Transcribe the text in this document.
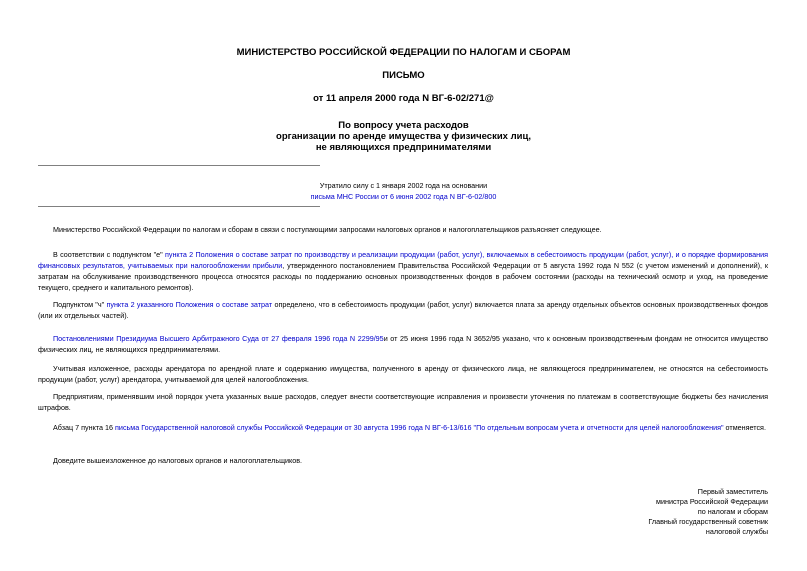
МИНИСТЕРСТВО РОССИЙСКОЙ ФЕДЕРАЦИИ ПО НАЛОГАМ И СБОРАМ
ПИСЬМО
от 11 апреля 2000 года N ВГ-6-02/271@
По вопросу учета расходов
организации по аренде имущества у физических лиц,
не являющихся предпринимателями
Утратило силу с 1 января 2002 года на основании
письма МНС России от 6 июня 2002 года N ВГ-6-02/800
Министерство Российской Федерации по налогам и сборам в связи с поступающими запросами налоговых органов и налогоплательщиков разъясняет следующее.
В соответствии с подпунктом "е" пункта 2 Положения о составе затрат по производству и реализации продукции (работ, услуг), включаемых в себестоимость продукции (работ, услуг), и о порядке формирования финансовых результатов, учитываемых при налогообложении прибыли, утвержденного постановлением Правительства Российской Федерации от 5 августа 1992 года N 552 (с учетом изменений и дополнений), к затратам на обслуживание производственного процесса относятся расходы по поддержанию основных производственных фондов в рабочем состоянии (расходы на технический осмотр и уход, на проведение текущего, среднего и капитального ремонтов).
Подпунктом "ч" пункта 2 указанного Положения о составе затрат определено, что в себестоимость продукции (работ, услуг) включается плата за аренду отдельных объектов основных производственных фондов (или их отдельных частей).
Постановлениями Президиума Высшего Арбитражного Суда от 27 февраля 1996 года N 2299/95и от 25 июня 1996 года N 3652/95 указано, что к основным производственным фондам не относится имущество физических лиц, не являющихся предпринимателями.
Учитывая изложенное, расходы арендатора по арендной плате и содержанию имущества, полученного в аренду от физического лица, не являющегося предпринимателем, не относятся на себестоимость продукции (работ, услуг) арендатора, учитываемой для целей налогообложения.
Предприятиям, применявшим иной порядок учета указанных выше расходов, следует внести соответствующие исправления и произвести уточнения по платежам в соответствующие бюджеты без начисления штрафов.
Абзац 7 пункта 16 письма Государственной налоговой службы Российской Федерации от 30 августа 1996 года N ВГ-6-13/616 "По отдельным вопросам учета и отчетности для целей налогообложения" отменяется.
Доведите вышеизложенное до налоговых органов и налогоплательщиков.
Первый заместитель
министра Российской Федерации
по налогам и сборам
Главный государственный советник
налоговой службы
